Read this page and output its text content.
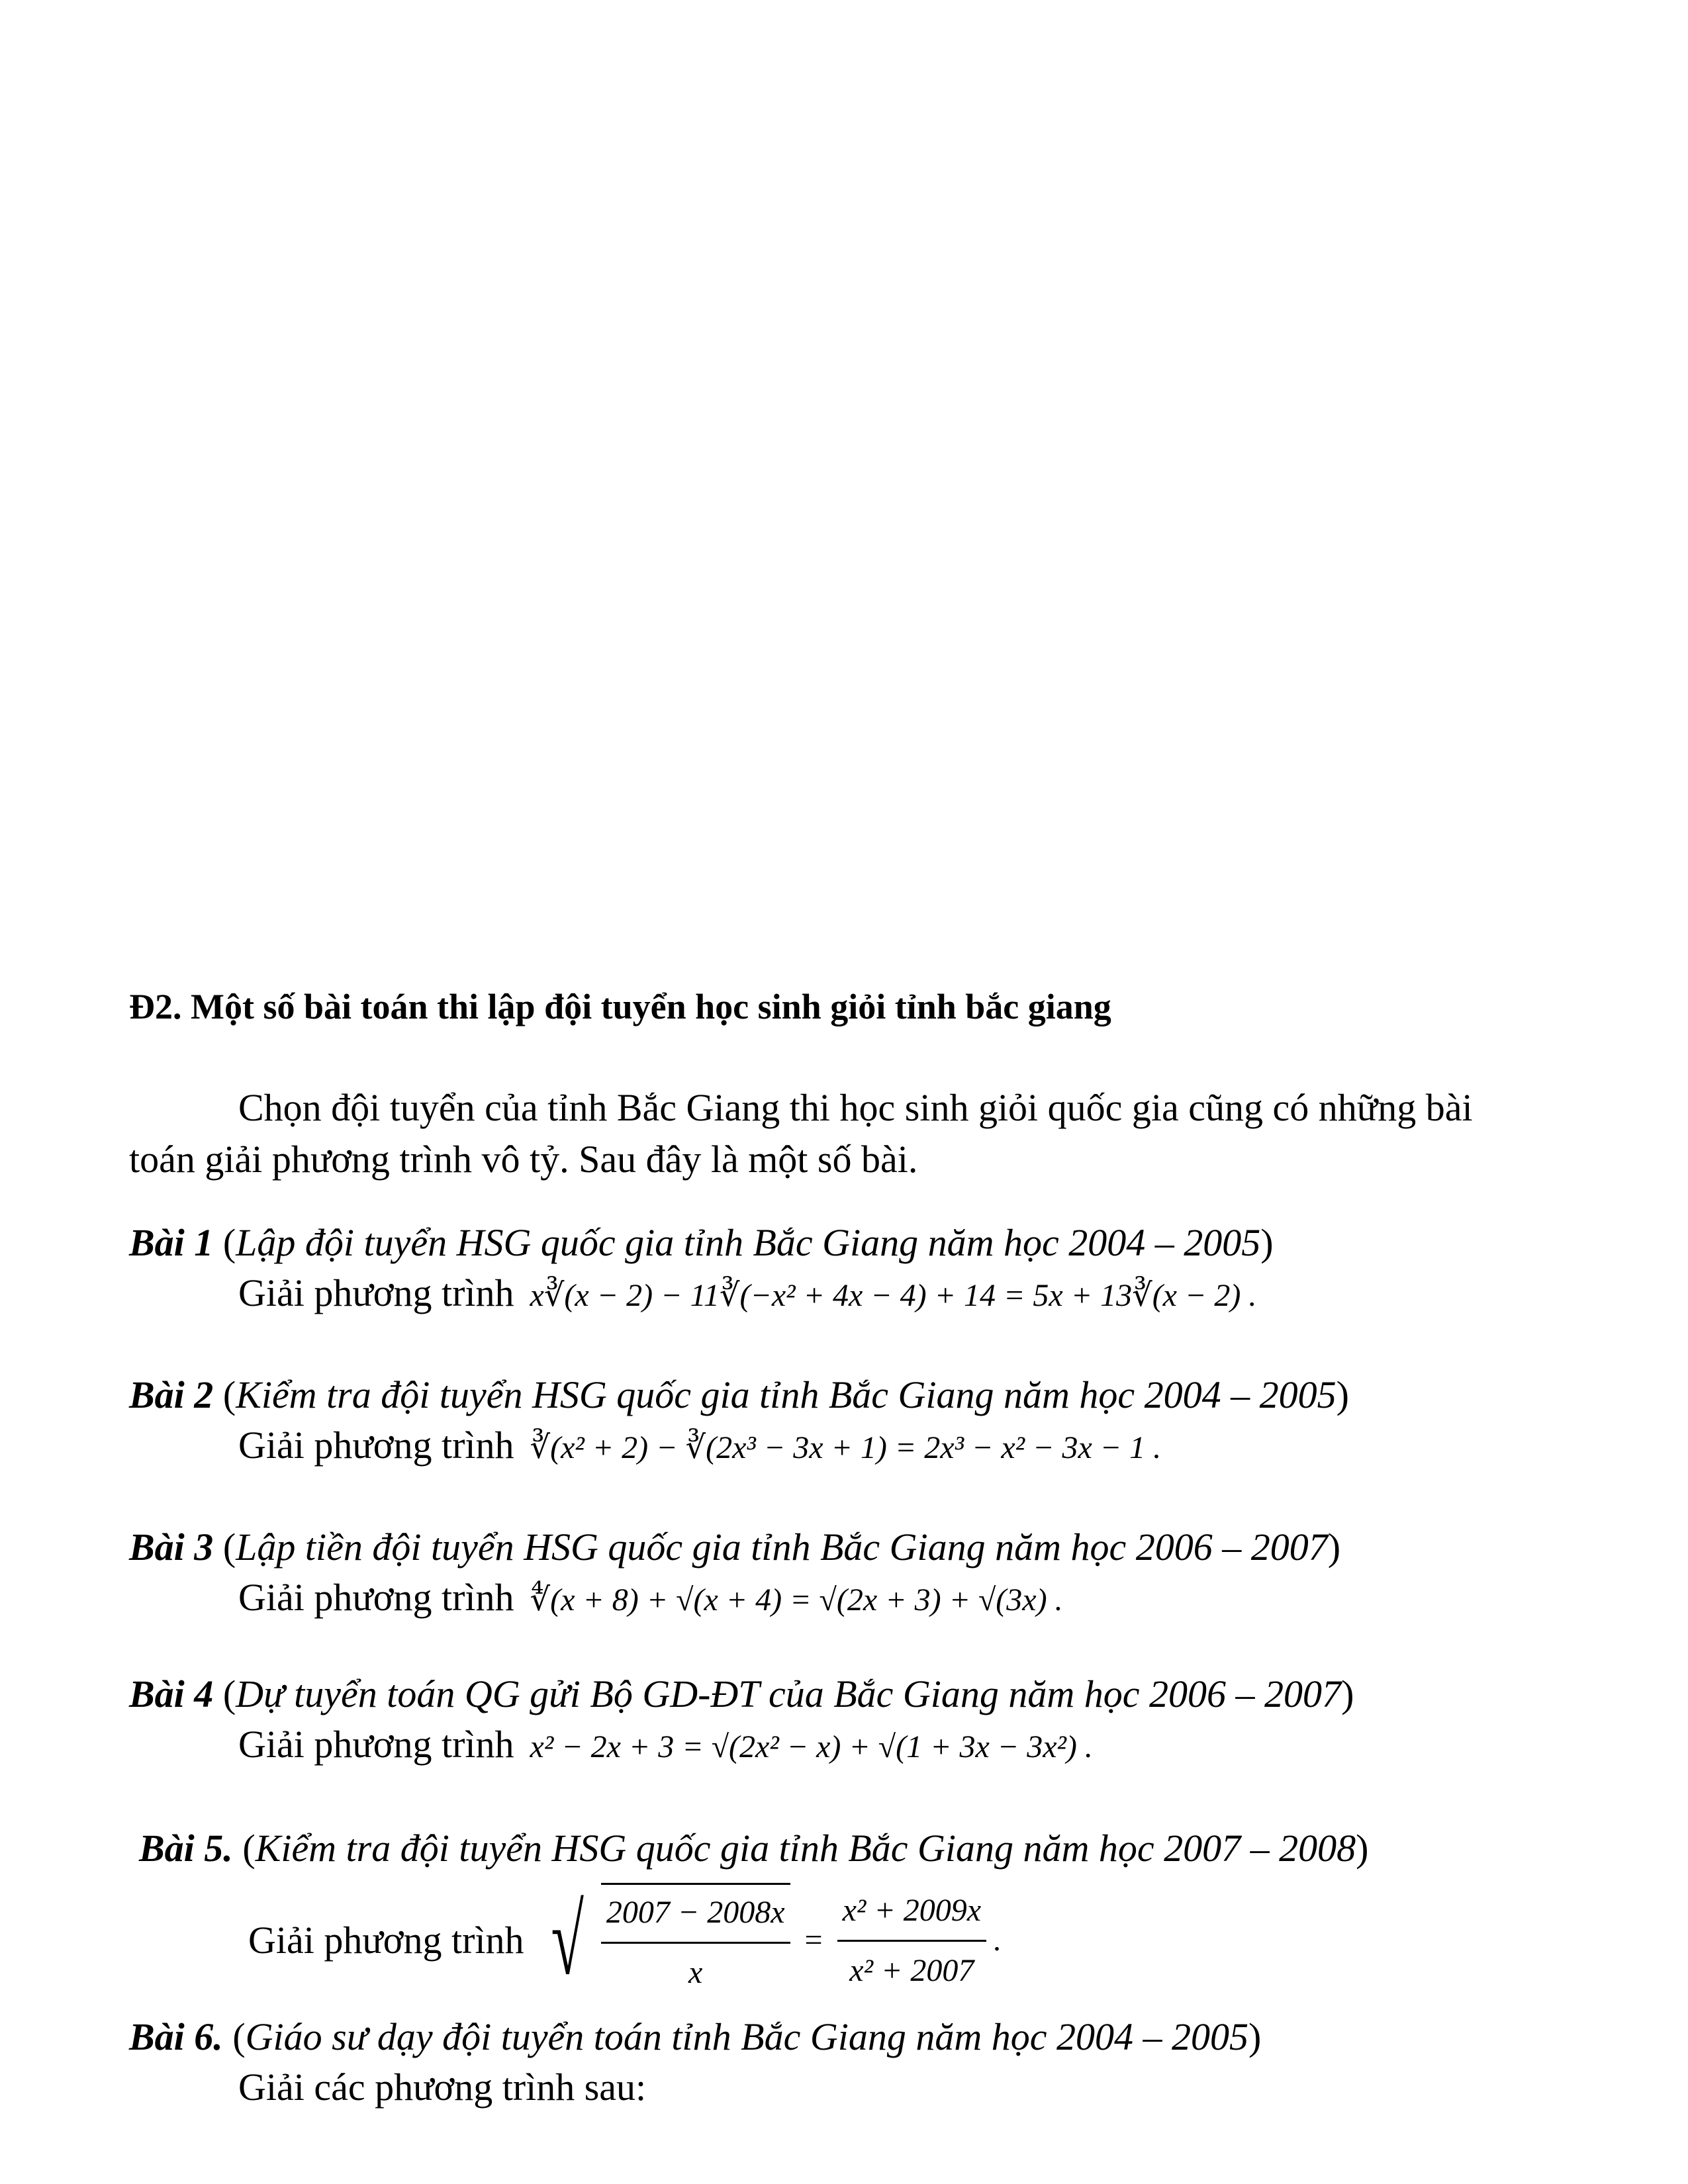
Đ2. Một số bài toán thi lập đội tuyển học sinh giỏi tỉnh bắc giang
Chọn đội tuyển của tỉnh Bắc Giang thi học sinh giỏi quốc gia cũng có những bài
toán giải phương trình vô tỷ. Sau đây là một số bài.
Bài 1 (Lập đội tuyển HSG quốc gia tỉnh Bắc Giang năm học 2004 – 2005)
Giải phương trình x∛(x − 2) − 11∛(−x² + 4x − 4) + 14 = 5x + 13∛(x − 2) .
Bài 2 (Kiểm tra đội tuyển HSG quốc gia tỉnh Bắc Giang năm học 2004 – 2005)
Giải phương trình ∛(x² + 2) − ∛(2x³ − 3x + 1) = 2x³ − x² − 3x − 1 .
Bài 3 (Lập tiền đội tuyển HSG quốc gia tỉnh Bắc Giang năm học 2006 – 2007)
Giải phương trình ∜(x + 8) + √(x + 4) = √(2x + 3) + √(3x) .
Bài 4 (Dự tuyển toán QG gửi Bộ GD-ĐT của Bắc Giang năm học 2006 – 2007)
Giải phương trình x² − 2x + 3 = √(2x² − x) + √(1 + 3x − 3x²) .
Bài 5. (Kiểm tra đội tuyển HSG quốc gia tỉnh Bắc Giang năm học 2007 – 2008)
Giải phương trình √ $\frac{2007 - 2008x}{x} = \frac{\text{x² + 2009x}}{\text{x² + 2007}}$ .
Bài 6. (Giáo sư dạy đội tuyển toán tỉnh Bắc Giang năm học 2004 – 2005)
Giải các phương trình sau:
